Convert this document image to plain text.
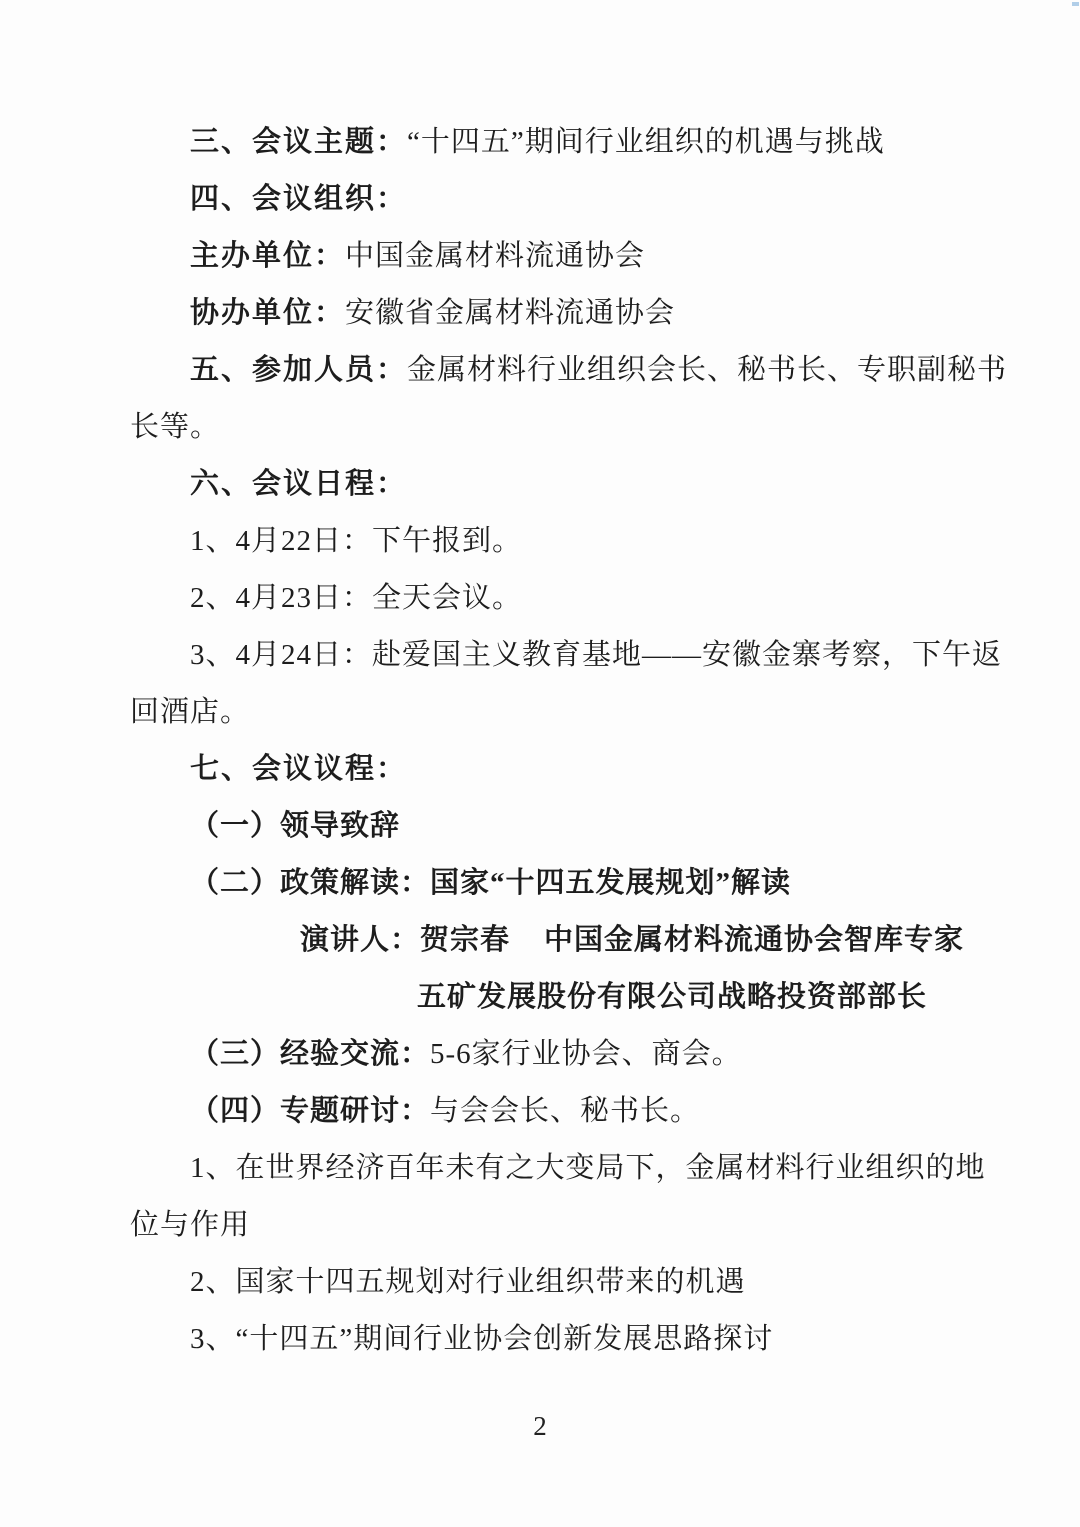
三、会议主题：“十四五”期间行业组织的机遇与挑战
四、会议组织：
主办单位：中国金属材料流通协会
协办单位：安徽省金属材料流通协会
五、参加人员：金属材料行业组织会长、秘书长、专职副秘书
长等。
六、会议日程：
1、4月22日：下午报到。
2、4月23日：全天会议。
3、4月24日：赴爱国主义教育基地——安徽金寨考察，下午返
回酒店。
七、会议议程：
（一）领导致辞
（二）政策解读：国家“十四五发展规划”解读
演讲人：贺宗春 中国金属材料流通协会智库专家
五矿发展股份有限公司战略投资部部长
（三）经验交流：5-6家行业协会、商会。
（四）专题研讨：与会会长、秘书长。
1、在世界经济百年未有之大变局下，金属材料行业组织的地
位与作用
2、国家十四五规划对行业组织带来的机遇
3、“十四五”期间行业协会创新发展思路探讨
2
